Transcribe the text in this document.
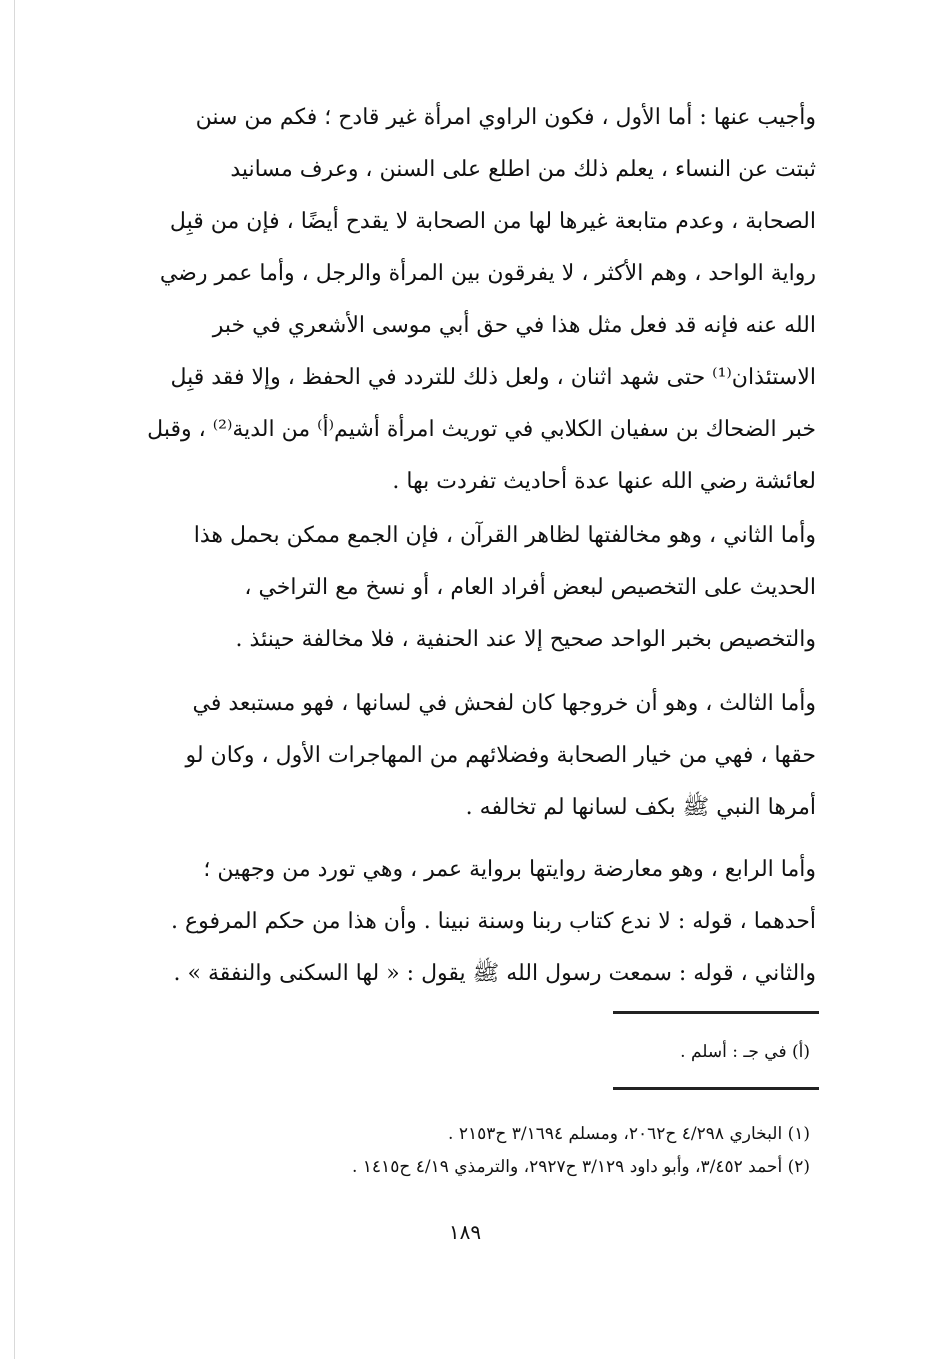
وأجيب عنها : أما الأول ، فكون الراوي امرأة غير قادح ؛ فكم من سنن
ثبتت عن النساء ، يعلم ذلك من اطلع على السنن ، وعرف مسانيد
الصحابة ، وعدم متابعة غيرها لها من الصحابة لا يقدح أيضًا ، فإن من قبِل
رواية الواحد ، وهم الأكثر ، لا يفرقون بين المرأة والرجل ، وأما عمر رضي
الله عنه فإنه قد فعل مثل هذا في حق أبي موسى الأشعري في خبر
الاستئذان⁽¹⁾ حتى شهد اثنان ، ولعل ذلك للتردد في الحفظ ، وإلا فقد قبِل
خبر الضحاك بن سفيان الكلابي في توريث امرأة أشيم⁽أ⁾ من الدية⁽²⁾ ، وقبل
لعائشة رضي الله عنها عدة أحاديث تفردت بها .
وأما الثاني ، وهو مخالفتها لظاهر القرآن ، فإن الجمع ممكن بحمل هذا
الحديث على التخصيص لبعض أفراد العام ، أو نسخ مع التراخي ،
والتخصيص بخبر الواحد صحيح إلا عند الحنفية ، فلا مخالفة حينئذ .
وأما الثالث ، وهو أن خروجها كان لفحش في لسانها ، فهو مستبعد في
حقها ، فهي من خيار الصحابة وفضلائهم من المهاجرات الأول ، وكان لو
أمرها النبي ﷺ بكف لسانها لم تخالفه .
وأما الرابع ، وهو معارضة روايتها برواية عمر ، وهي تورد من وجهين ؛
أحدهما ، قوله : لا ندع كتاب ربنا وسنة نبينا . وأن هذا من حكم المرفوع .
والثاني ، قوله : سمعت رسول الله ﷺ يقول : « لها السكنى والنفقة » .
(أ) في جـ : أسلم .
(١) البخاري ٤/٢٩٨ ح٢٠٦٢، ومسلم ٣/١٦٩٤ ح٢١٥٣ .
(٢) أحمد ٣/٤٥٢، وأبو داود ٣/١٢٩ ح٢٩٢٧، والترمذي ٤/١٩ ح١٤١٥ .
١٨٩
